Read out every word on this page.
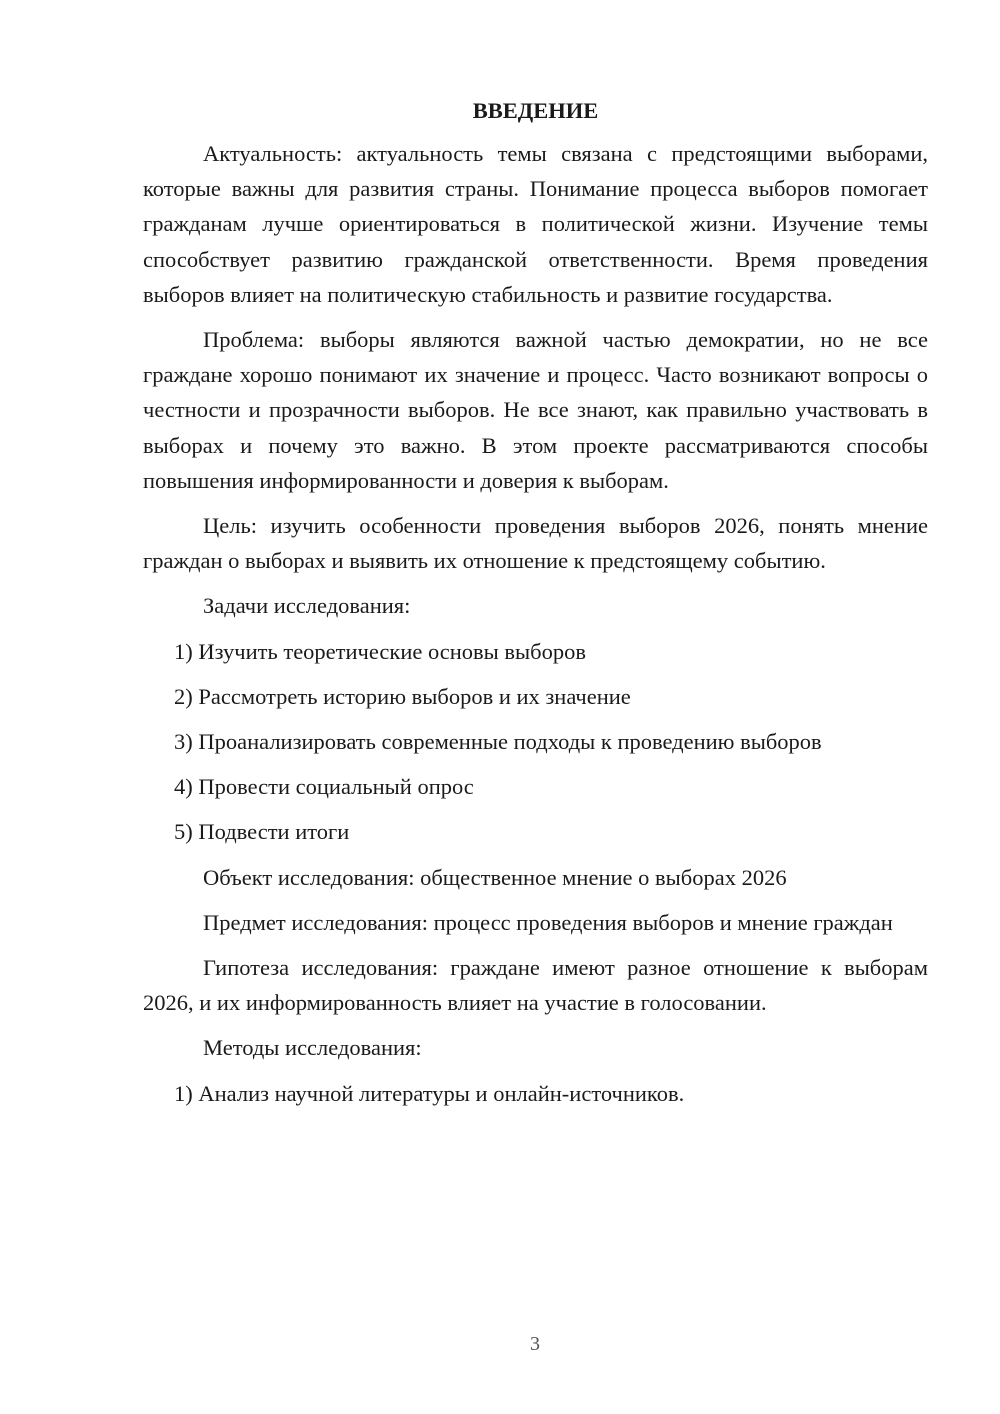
ВВЕДЕНИЕ

Актуальность: актуальность темы связана с предстоящими выборами, которые важны для развития страны. Понимание процесса выборов помогает гражданам лучше ориентироваться в политической жизни. Изучение темы способствует развитию гражданской ответственности. Время проведения выборов влияет на политическую стабильность и развитие государства.

Проблема: выборы являются важной частью демократии, но не все граждане хорошо понимают их значение и процесс. Часто возникают вопросы о честности и прозрачности выборов. Не все знают, как правильно участвовать в выборах и почему это важно. В этом проекте рассматриваются способы повышения информированности и доверия к выборам.

Цель: изучить особенности проведения выборов 2026, понять мнение граждан о выборах и выявить их отношение к предстоящему событию.

Задачи исследования:

1) Изучить теоретические основы выборов
2) Рассмотреть историю выборов и их значение
3) Проанализировать современные подходы к проведению выборов
4) Провести социальный опрос
5) Подвести итоги

Объект исследования: общественное мнение о выборах 2026

Предмет исследования: процесс проведения выборов и мнение граждан

Гипотеза исследования: граждане имеют разное отношение к выборам 2026, и их информированность влияет на участие в голосовании.

Методы исследования:

1) Анализ научной литературы и онлайн-источников.
3
